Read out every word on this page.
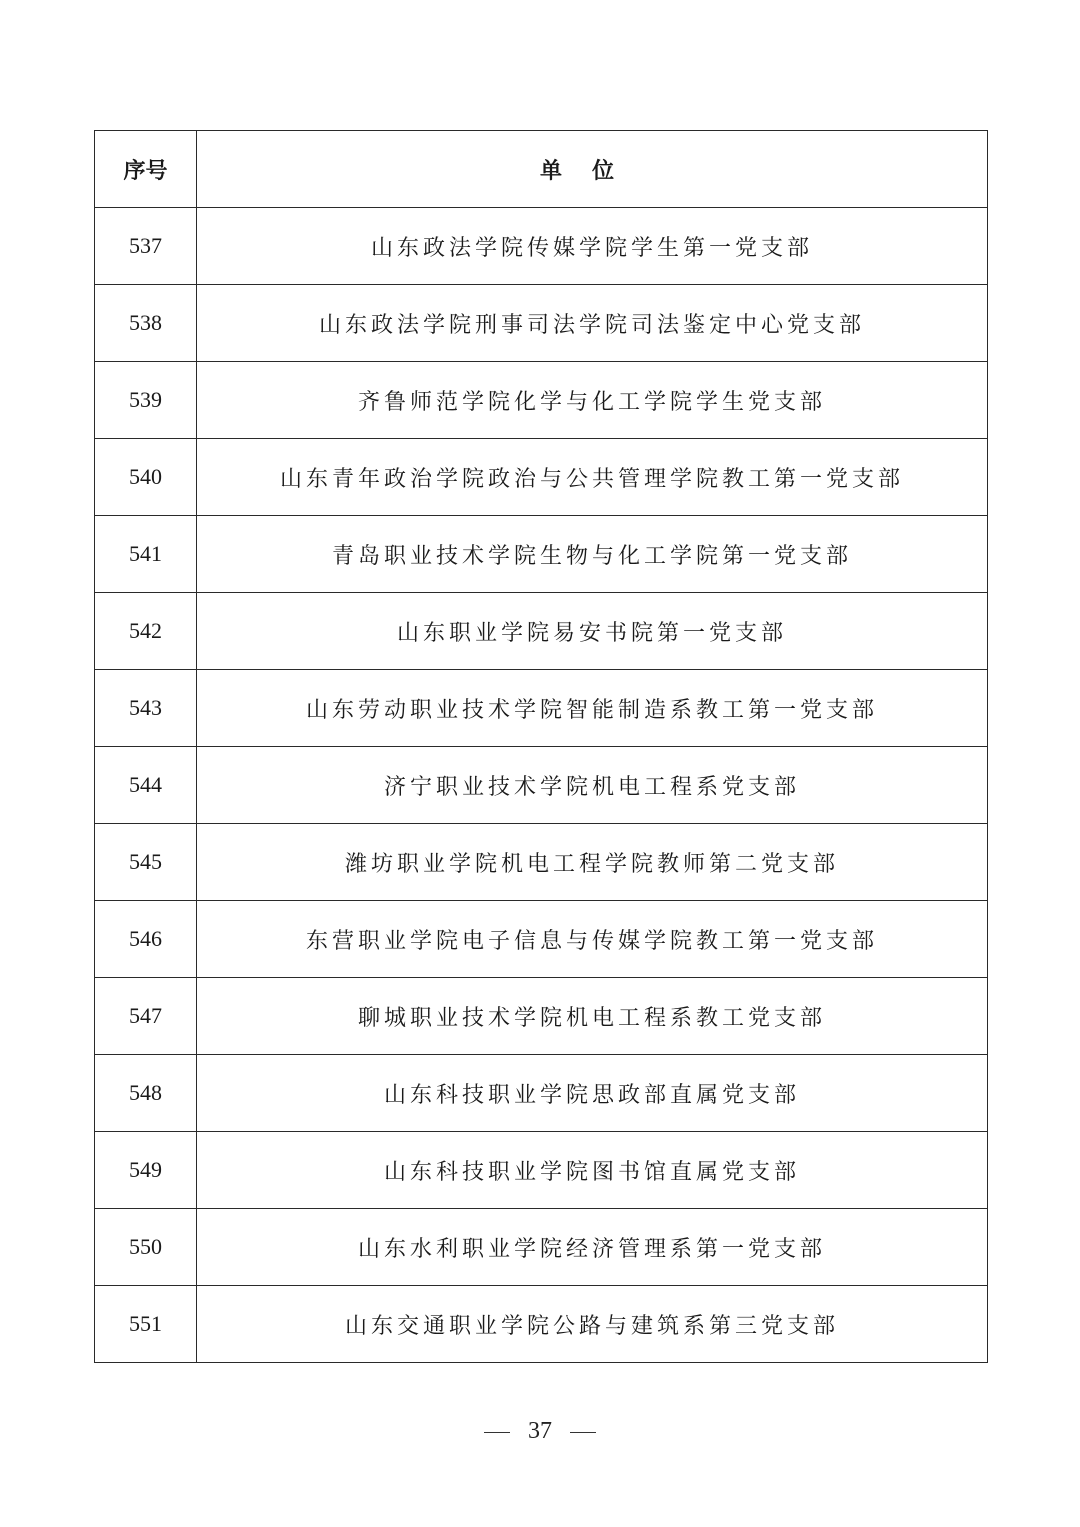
序号	单位
537	山东政法学院传媒学院学生第一党支部
538	山东政法学院刑事司法学院司法鉴定中心党支部
539	齐鲁师范学院化学与化工学院学生党支部
540	山东青年政治学院政治与公共管理学院教工第一党支部
541	青岛职业技术学院生物与化工学院第一党支部
542	山东职业学院易安书院第一党支部
543	山东劳动职业技术学院智能制造系教工第一党支部
544	济宁职业技术学院机电工程系党支部
545	潍坊职业学院机电工程学院教师第二党支部
546	东营职业学院电子信息与传媒学院教工第一党支部
547	聊城职业技术学院机电工程系教工党支部
548	山东科技职业学院思政部直属党支部
549	山东科技职业学院图书馆直属党支部
550	山东水利职业学院经济管理系第一党支部
551	山东交通职业学院公路与建筑系第三党支部
37
